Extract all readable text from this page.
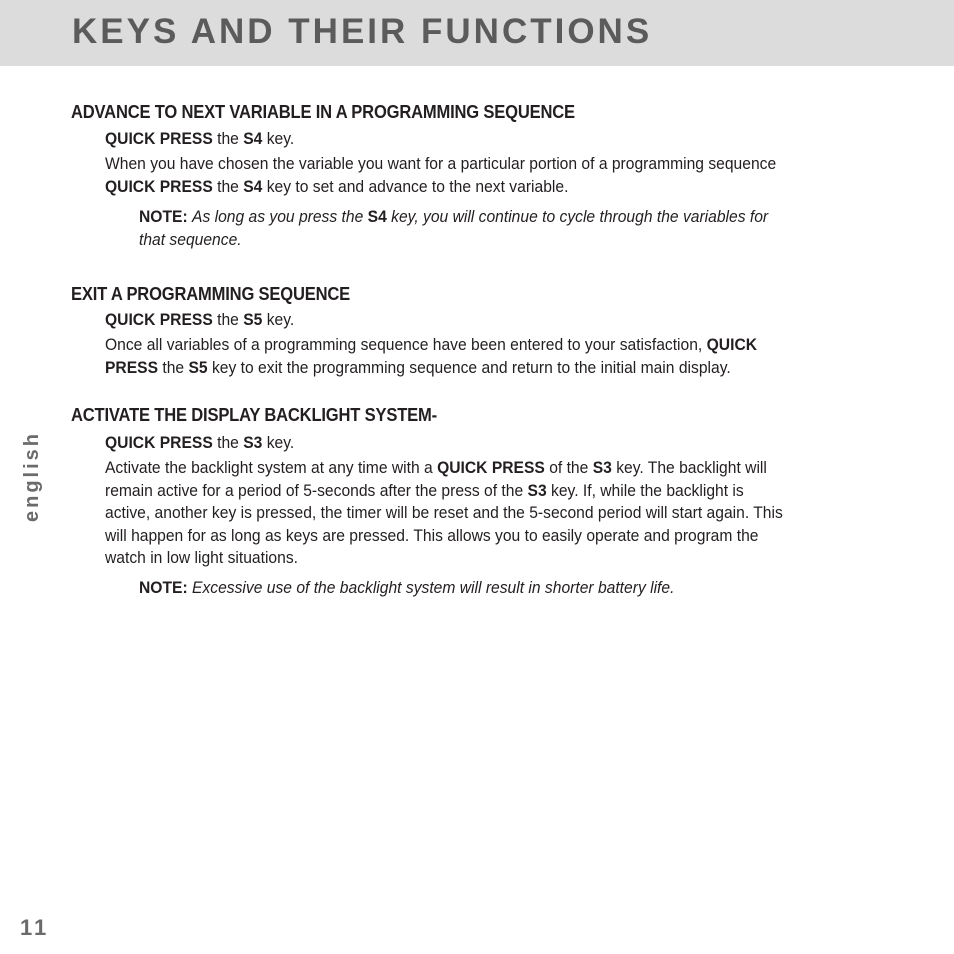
KEYS AND THEIR FUNCTIONS
english
11
ADVANCE TO NEXT VARIABLE IN A PROGRAMMING SEQUENCE

QUICK PRESS the S4 key.

When you have chosen the variable you want for a particular portion of a programming sequence
QUICK PRESS the S4 key to set and advance to the next variable.

NOTE: As long as you press the S4 key, you will continue to cycle through the variables for
that sequence.

EXIT A PROGRAMMING SEQUENCE

QUICK PRESS the S5 key.

Once all variables of a programming sequence have been entered to your satisfaction, QUICK
PRESS the S5 key to exit the programming sequence and return to the initial main display.

ACTIVATE THE DISPLAY BACKLIGHT SYSTEM-

QUICK PRESS the S3 key.

Activate the backlight system at any time with a QUICK PRESS of the S3 key. The backlight will
remain active for a period of 5-seconds after the press of the S3 key. If, while the backlight is
active, another key is pressed, the timer will be reset and the 5-second period will start again. This
will happen for as long as keys are pressed. This allows you to easily operate and program the
watch in low light situations.

NOTE: Excessive use of the backlight system will result in shorter battery life.
